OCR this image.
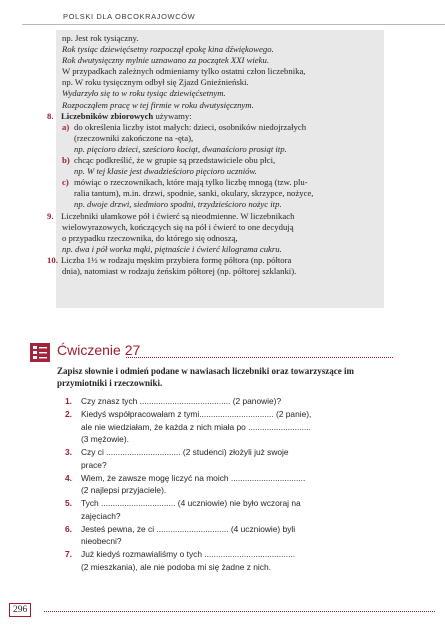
POLSKI DLA OBCOKRAJOWCÓW
np. Jest rok tysiączny.
Rok tysiąc dziewięćsetny rozpoczął epokę kina dźwiękowego.
Rok dwutysięczny mylnie uznawano za początek XXI wieku.
W przypadkach zależnych odmieniamy tylko ostatni człon liczebnika,
np. W roku tysięcznym odbył się Zjazd Gnieźnieński.
Wydarzyło się to w roku tysiąc dziewięćsetnym.
Rozpocząłem pracę w tej firmie w roku dwutysięcznym.
8. Liczebników zbiorowych używamy:
a) do określenia liczby istot małych: dzieci, osobników niedojrzałych
(rzeczowniki zakończone na -ęta),
np. pięcioro dzieci, sześcioro kociąt, dwanaścioro prosiąt itp.
b) chcąc podkreślić, że w grupie są przedstawiciele obu płci,
np. W tej klasie jest dwadzieścioro pięcioro uczniów.
c) mówiąc o rzeczownikach, które mają tylko liczbę mnogą (tzw. plu-
ralia tantum), m.in. drzwi, spodnie, sanki, okulary, skrzypce, nożyce,
np. dwoje drzwi, siedmioro spodni, trzydzieścioro nożyc itp.
9. Liczebniki ułamkowe pół i ćwierć są nieodmienne. W liczebnikach
wielowyrazowych, kończących się na pół i ćwierć to one decydują
o przypadku rzeczownika, do którego się odnoszą,
np. dwa i pół worka mąki, piętnaście i ćwierć kilograma cukru.
10. Liczba 1½ w rodzaju męskim przybiera formę półtora (np. półtora
dnia), natomiast w rodzaju żeńskim półtorej (np. półtorej szklanki).
Ćwiczenie 27
Zapisz słownie i odmień podane w nawiasach liczebniki oraz towarzyszące im przymiotniki i rzeczowniki.
1. Czy znasz tych ....................................... (2 panowie)?
2. Kiedyś współpracowałam z tymi................................ (2 panie),
ale nie wiedziałam, że każda z nich miała po ...........................
(3 mężowie).
3. Czy ci ................................ (2 studenci) złożyli już swoje
prace?
4. Wiem, że zawsze mogę liczyć na moich ................................
(2 najlepsi przyjaciele).
5. Tych ................................ (4 uczniowie) nie było wczoraj na
zajęciach?
6. Jesteś pewna, że ci ............................... (4 uczniowie) byli
nieobecni?
7. Już kiedyś rozmawialiśmy o tych .......................................
(2 mieszkania), ale nie podoba mi się żadne z nich.
296
